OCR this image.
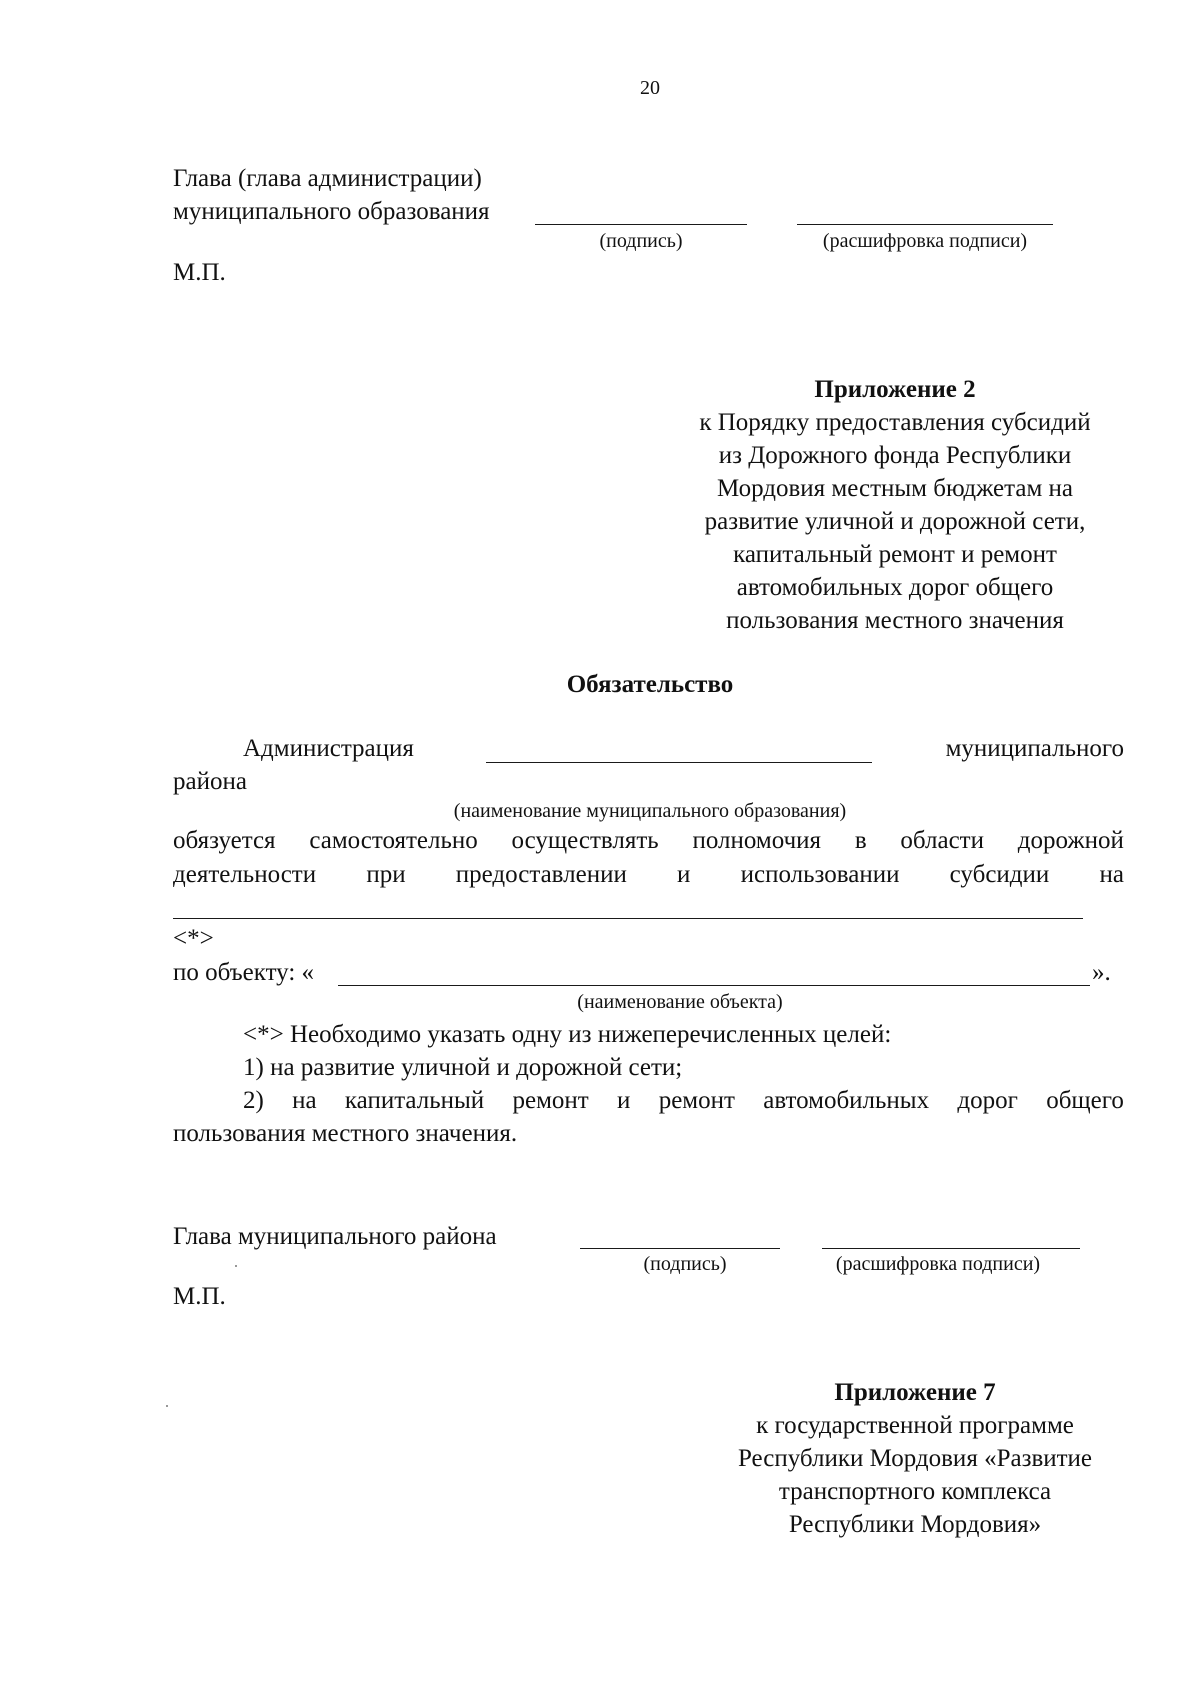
20
Глава (глава администрации)
муниципального образования
(подпись)	(расшифровка подписи)
М.П.
Приложение 2
к Порядку предоставления субсидий
из Дорожного фонда Республики
Мордовия местным бюджетам на
развитие уличной и дорожной сети,
капитальный ремонт и ремонт
автомобильных дорог общего
пользования местного значения
Обязательство
Администрация	муниципального
района
(наименование муниципального образования)
обязуется самостоятельно осуществлять полномочия в области дорожной
деятельности при предоставлении и использовании субсидии на
<*>
по объекту: «	».
(наименование объекта)
<*> Необходимо указать одну из нижеперечисленных целей:
1) на развитие уличной и дорожной сети;
2) на капитальный ремонт и ремонт автомобильных дорог общего
пользования местного значения.
Глава муниципального района
(подпись)	(расшифровка подписи)
М.П.
Приложение 7
к государственной программе
Республики Мордовия «Развитие
транспортного комплекса
Республики Мордовия»
